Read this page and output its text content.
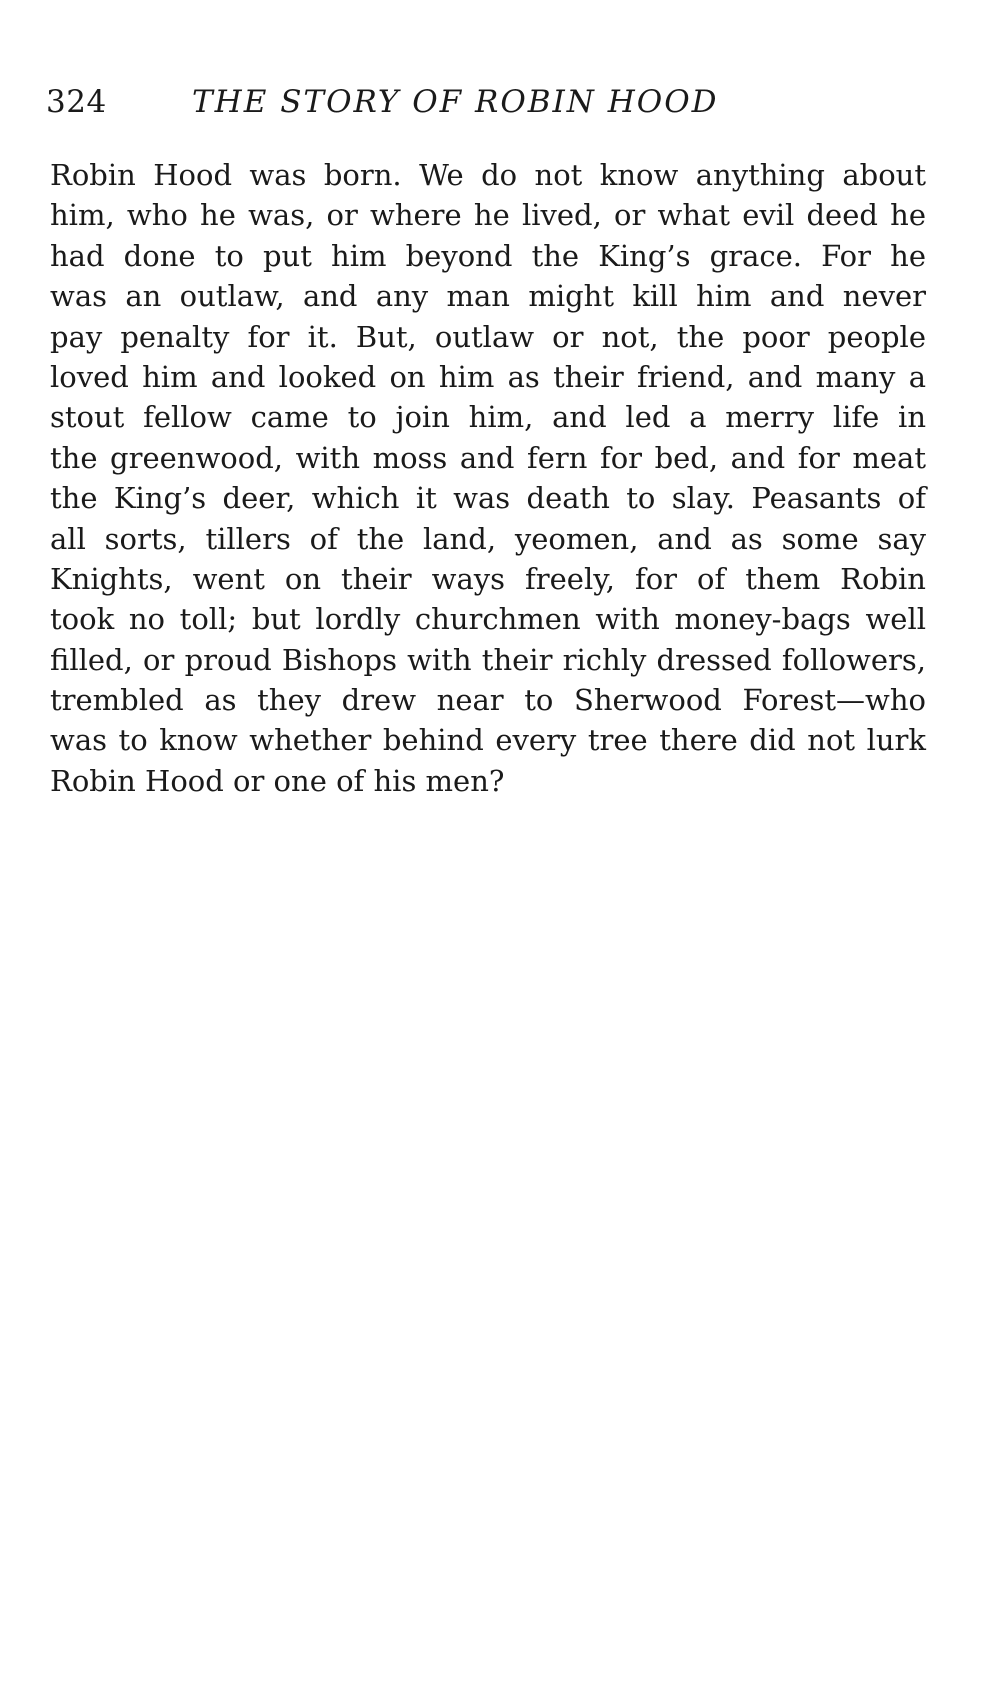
324	THE STORY OF ROBIN HOOD
Robin Hood was born. We do not know anything about
him, who he was, or where he lived, or what evil deed he
had done to put him beyond the King’s grace. For he
was an outlaw, and any man might kill him and never
pay penalty for it. But, outlaw or not, the poor people
loved him and looked on him as their friend, and many a
stout fellow came to join him, and led a merry life in
the greenwood, with moss and fern for bed, and for meat
the King’s deer, which it was death to slay. Peasants of
all sorts, tillers of the land, yeomen, and as some say
Knights, went on their ways freely, for of them Robin
took no toll; but lordly churchmen with money-bags well
filled, or proud Bishops with their richly dressed followers,
trembled as they drew near to Sherwood Forest—who
was to know whether behind every tree there did not lurk
Robin Hood or one of his men?
